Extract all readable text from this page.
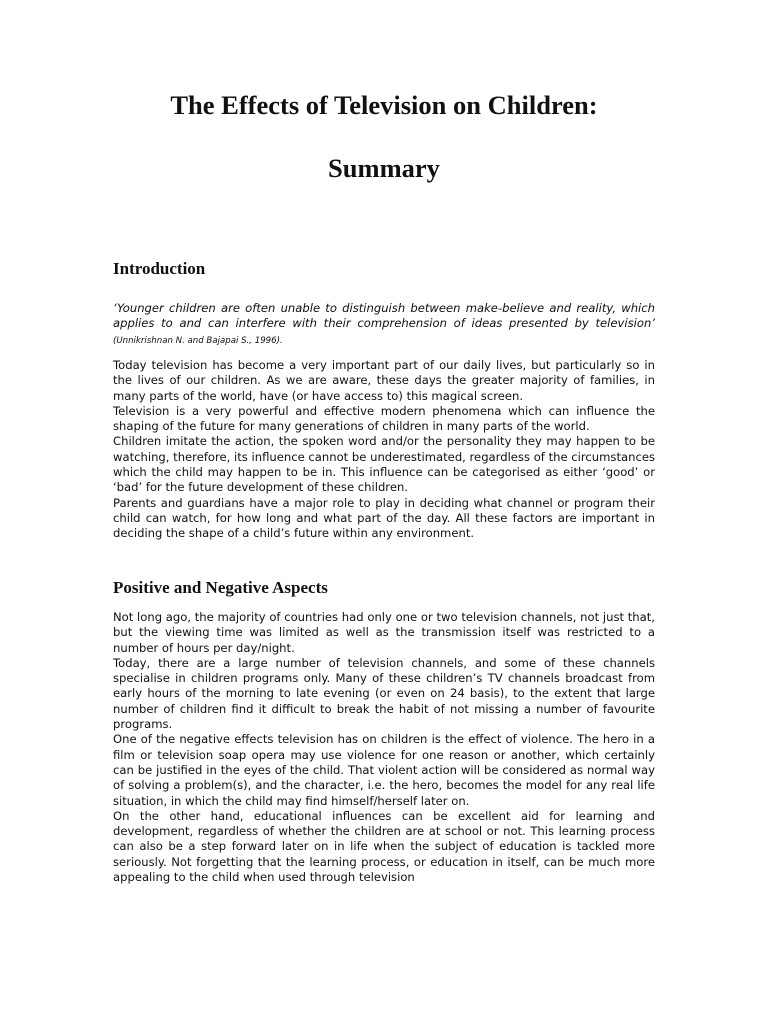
The Effects of Television on Children:
Summary
Introduction

‘Younger children are often unable to distinguish between make-believe and reality, which applies to and can interfere with their comprehension of ideas presented by television’ (Unnikrishnan N. and Bajapai S., 1996).

Today television has become a very important part of our daily lives, but particularly so in the lives of our children. As we are aware, these days the greater majority of families, in many parts of the world, have (or have access to) this magical screen.
Television is a very powerful and effective modern phenomena which can influence the shaping of the future for many generations of children in many parts of the world.
Children imitate the action, the spoken word and/or the personality they may happen to be watching, therefore, its influence cannot be underestimated, regardless of the circumstances which the child may happen to be in. This influence can be categorised as either ‘good’ or ‘bad’ for the future development of these children.
Parents and guardians have a major role to play in deciding what channel or program their child can watch, for how long and what part of the day. All these factors are important in deciding the shape of a child’s future within any environment.
Positive and Negative Aspects
Not long ago, the majority of countries had only one or two television channels, not just that, but the viewing time was limited as well as the transmission itself was restricted to a number of hours per day/night.
Today, there are a large number of television channels, and some of these channels specialise in children programs only. Many of these children’s TV channels broadcast from early hours of the morning to late evening (or even on 24 basis), to the extent that large number of children find it difficult to break the habit of not missing a number of favourite programs.
One of the negative effects television has on children is the effect of violence. The hero in a film or television soap opera may use violence for one reason or another, which certainly can be justified in the eyes of the child. That violent action will be considered as normal way of solving a problem(s), and the character, i.e. the hero, becomes the model for any real life situation, in which the child may find himself/herself later on.
On the other hand, educational influences can be excellent aid for learning and development, regardless of whether the children are at school or not. This learning process can also be a step forward later on in life when the subject of education is tackled more seriously. Not forgetting that the learning process, or education in itself, can be much more appealing to the child when used through television
